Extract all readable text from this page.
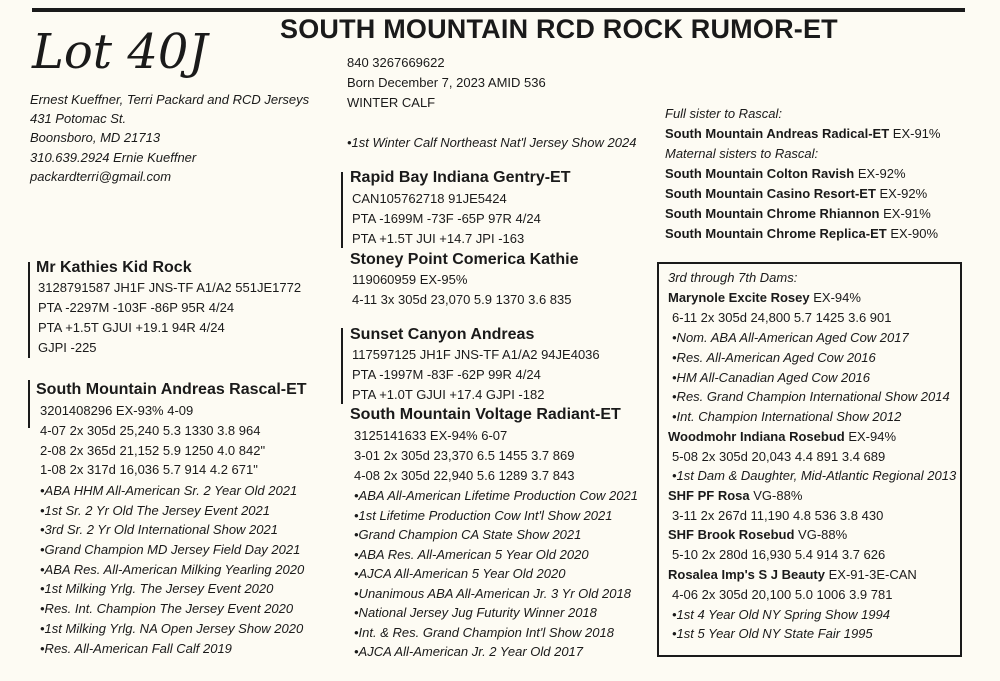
Lot 40J	SOUTH MOUNTAIN RCD ROCK RUMOR-ET
Ernest Kueffner, Terri Packard and RCD Jerseys
431 Potomac St.
Boonsboro, MD 21713
310.639.2924 Ernie Kueffner
packardterri@gmail.com
840 3267669622
Born December 7, 2023 AMID 536
WINTER CALF
•1st Winter Calf Northeast Nat'l Jersey Show 2024
Mr Kathies Kid Rock
3128791587 JH1F JNS-TF A1/A2 551JE1772
PTA -2297M -103F -86P 95R 4/24
PTA +1.5T GJUI +19.1 94R 4/24
GJPI -225
South Mountain Andreas Rascal-ET
3201408296 EX-93% 4-09
4-07 2x 305d 25,240 5.3 1330 3.8 964
2-08 2x 365d 21,152 5.9 1250 4.0 842"
1-08 2x 317d 16,036 5.7 914 4.2 671"
•ABA HHM All-American Sr. 2 Year Old 2021
•1st Sr. 2 Yr Old The Jersey Event 2021
•3rd Sr. 2 Yr Old International Show 2021
•Grand Champion MD Jersey Field Day 2021
•ABA Res. All-American Milking Yearling 2020
•1st Milking Yrlg. The Jersey Event 2020
•Res. Int. Champion The Jersey Event 2020
•1st Milking Yrlg. NA Open Jersey Show 2020
•Res. All-American Fall Calf 2019
Rapid Bay Indiana Gentry-ET
CAN105762718 91JE5424
PTA -1699M -73F -65P 97R 4/24
PTA +1.5T JUI +14.7 JPI -163
Stoney Point Comerica Kathie
119060959 EX-95%
4-11 3x 305d 23,070 5.9 1370 3.6 835
Sunset Canyon Andreas
117597125 JH1F JNS-TF A1/A2 94JE4036
PTA -1997M -83F -62P 99R 4/24
PTA +1.0T GJUI +17.4 GJPI -182
South Mountain Voltage Radiant-ET
3125141633 EX-94% 6-07
3-01 2x 305d 23,370 6.5 1455 3.7 869
4-08 2x 305d 22,940 5.6 1289 3.7 843
•ABA All-American Lifetime Production Cow 2021
•1st Lifetime Production Cow Int'l Show 2021
•Grand Champion CA State Show 2021
•ABA Res. All-American 5 Year Old 2020
•AJCA All-American 5 Year Old 2020
•Unanimous ABA All-American Jr. 3 Yr Old 2018
•National Jersey Jug Futurity Winner 2018
•Int. & Res. Grand Champion Int'l Show 2018
•AJCA All-American Jr. 2 Year Old 2017
Full sister to Rascal:
South Mountain Andreas Radical-ET EX-91%
Maternal sisters to Rascal:
South Mountain Colton Ravish EX-92%
South Mountain Casino Resort-ET EX-92%
South Mountain Chrome Rhiannon EX-91%
South Mountain Chrome Replica-ET EX-90%
3rd through 7th Dams:
Marynole Excite Rosey EX-94%
6-11 2x 305d 24,800 5.7 1425 3.6 901
•Nom. ABA All-American Aged Cow 2017
•Res. All-American Aged Cow 2016
•HM All-Canadian Aged Cow 2016
•Res. Grand Champion International Show 2014
•Int. Champion International Show 2012
Woodmohr Indiana Rosebud EX-94%
5-08 2x 305d 20,043 4.4 891 3.4 689
•1st Dam & Daughter, Mid-Atlantic Regional 2013
SHF PF Rosa VG-88%
3-11 2x 267d 11,190 4.8 536 3.8 430
SHF Brook Rosebud VG-88%
5-10 2x 280d 16,930 5.4 914 3.7 626
Rosalea Imp's S J Beauty EX-91-3E-CAN
4-06 2x 305d 20,100 5.0 1006 3.9 781
•1st 4 Year Old NY Spring Show 1994
•1st 5 Year Old NY State Fair 1995
